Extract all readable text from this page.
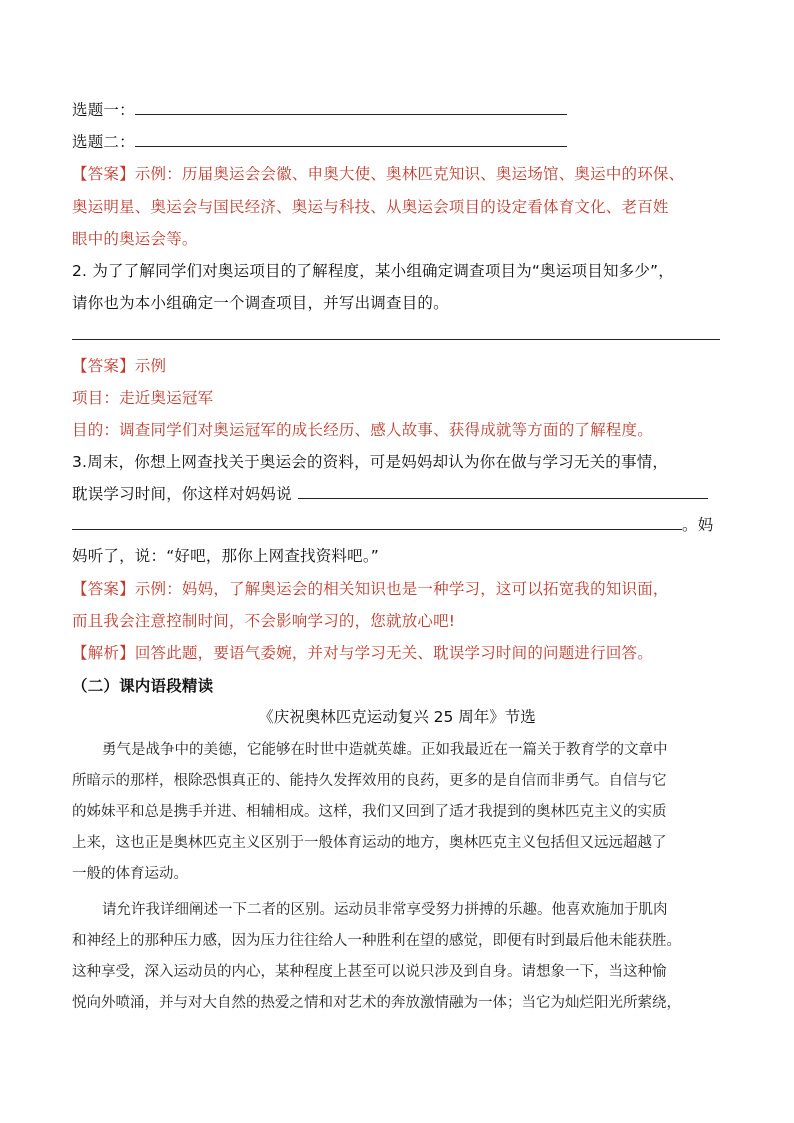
选题一：
选题二：
【答案】示例：历届奥运会会徽、申奥大使、奥林匹克知识、奥运场馆、奥运中的环保、
奥运明星、奥运会与国民经济、奥运与科技、从奥运会项目的设定看体育文化、老百姓
眼中的奥运会等。
2. 为了了解同学们对奥运项目的了解程度，某小组确定调查项目为“奥运项目知多少”，
请你也为本小组确定一个调查项目，并写出调查目的。
【答案】示例
项目：走近奥运冠军
目的：调查同学们对奥运冠军的成长经历、感人故事、获得成就等方面的了解程度。
3.周末，你想上网查找关于奥运会的资料，可是妈妈却认为你在做与学习无关的事情，
耽误学习时间，你这样对妈妈说
。妈
妈听了，说：“好吧，那你上网查找资料吧。”
【答案】示例：妈妈，了解奥运会的相关知识也是一种学习，这可以拓宽我的知识面，
而且我会注意控制时间，不会影响学习的，您就放心吧!
【解析】回答此题，要语气委婉，并对与学习无关、耽误学习时间的问题进行回答。
（二）课内语段精读
《庆祝奥林匹克运动复兴 25 周年》节选
勇气是战争中的美德，它能够在时世中造就英雄。正如我最近在一篇关于教育学的文章中
所暗示的那样，根除恐惧真正的、能持久发挥效用的良药，更多的是自信而非勇气。自信与它
的姊妹平和总是携手并进、相辅相成。这样，我们又回到了适才我提到的奥林匹克主义的实质
上来，这也正是奥林匹克主义区别于一般体育运动的地方，奥林匹克主义包括但又远远超越了
一般的体育运动。
请允许我详细阐述一下二者的区别。运动员非常享受努力拼搏的乐趣。他喜欢施加于肌肉
和神经上的那种压力感，因为压力往往给人一种胜利在望的感觉，即便有时到最后他未能获胜。
这种享受，深入运动员的内心，某种程度上甚至可以说只涉及到自身。请想象一下，当这种愉
悦向外喷涌，并与对大自然的热爱之情和对艺术的奔放激情融为一体；当它为灿烂阳光所萦绕，
